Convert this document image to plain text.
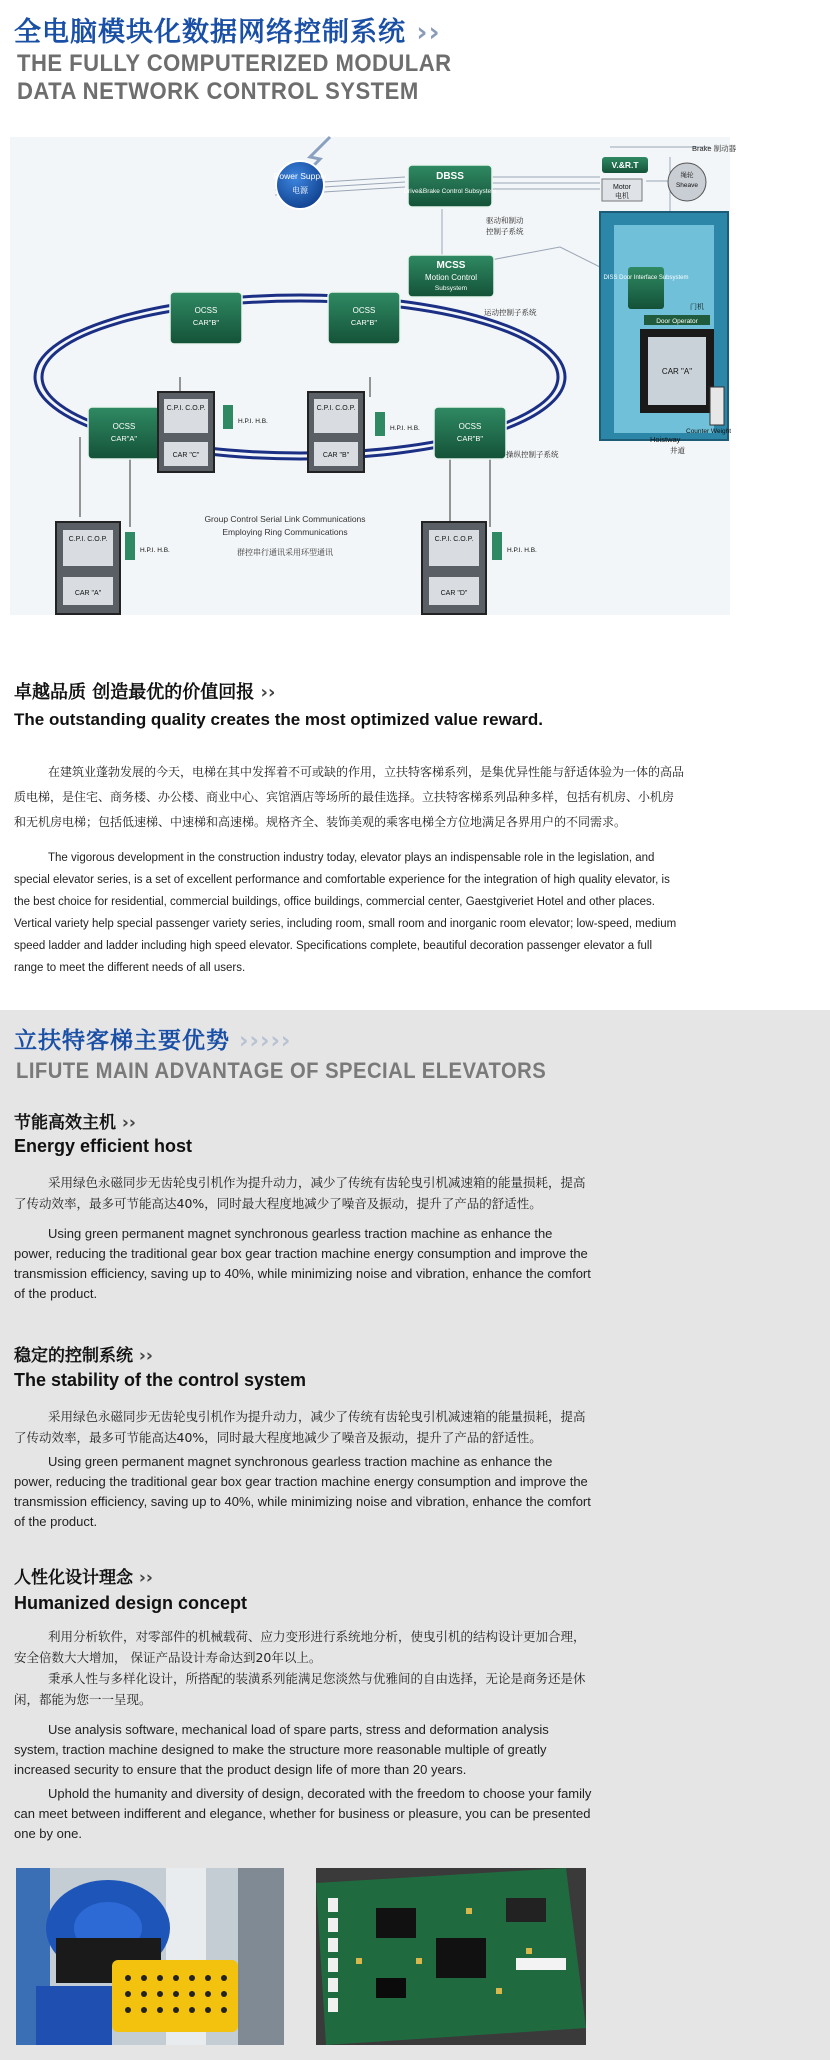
全电脑模块化数据网络控制系统 ››
THE FULLY COMPUTERIZED MODULAR
DATA NETWORK CONTROL SYSTEM
Power Supply
电源
DBSS
Drive&Brake Control Subsystem
驱动和制动
控制子系统
V.&R.T
Brake 制动器
Motor
电机
绳轮
Sheave
MCSS
Motion Control
Subsystem
运动控制子系统
DISS Door Interface Subsystem
门机
Door Operator
CAR "A"
Counter Weight
Hoistway
井道
OCSS
CAR"B"
OCSS
CAR"B"
OCSS
CAR"A"
OCSS
CAR"B"
操纵控制子系统
C.P.I. C.O.P.
CAR "C"
H.P.I. H.B.
C.P.I. C.O.P.
CAR "B"
H.P.I. H.B.
C.P.I. C.O.P.
CAR "A"
H.P.I. H.B.
C.P.I. C.O.P.
CAR "D"
H.P.I. H.B.
Group Control Serial Link Communications
Employing Ring Communications
群控串行通讯采用环型通讯
卓越品质 创造最优的价值回报 ››
The outstanding quality creates the most optimized value reward.

在建筑业蓬勃发展的今天，电梯在其中发挥着不可或缺的作用，立扶特客梯系列，是集优异性能与舒适体验为一体的高品质电梯，是住宅、商务楼、办公楼、商业中心、宾馆酒店等场所的最佳选择。立扶特客梯系列品种多样，包括有机房、小机房和无机房电梯；包括低速梯、中速梯和高速梯。规格齐全、装饰美观的乘客电梯全方位地满足各界用户的不同需求。

The vigorous development in the construction industry today, elevator plays an indispensable role in the legislation, and special elevator series, is a set of excellent performance and comfortable experience for the integration of high quality elevator, is the best choice for residential, commercial buildings, office buildings, commercial center, Gaestgiveriet Hotel and other places. Vertical variety help special passenger variety series, including room, small room and inorganic room elevator; low-speed, medium speed ladder and ladder including high speed elevator. Specifications complete, beautiful decoration passenger elevator a full range to meet the different needs of all users.

立扶特客梯主要优势 ›››››
LIFUTE MAIN ADVANTAGE OF SPECIAL ELEVATORS
节能高效主机 ››
Energy efficient host

采用绿色永磁同步无齿轮曳引机作为提升动力，减少了传统有齿轮曳引机减速箱的能量损耗，提高了传动效率，最多可节能高达40%，同时最大程度地减少了噪音及振动，提升了产品的舒适性。

Using green permanent magnet synchronous gearless traction machine as enhance the power, reducing the traditional gear box gear traction machine energy consumption and improve the transmission efficiency, saving up to 40%, while minimizing noise and vibration, enhance the comfort of the product.

稳定的控制系统 ››
The stability of the control system

采用绿色永磁同步无齿轮曳引机作为提升动力，减少了传统有齿轮曳引机减速箱的能量损耗，提高了传动效率，最多可节能高达40%，同时最大程度地减少了噪音及振动，提升了产品的舒适性。

Using green permanent magnet synchronous gearless traction machine as enhance the power, reducing the traditional gear box gear traction machine energy consumption and improve the transmission efficiency, saving up to 40%, while minimizing noise and vibration, enhance the comfort of the product.

人性化设计理念 ››
Humanized design concept

利用分析软件，对零部件的机械载荷、应力变形进行系统地分析，使曳引机的结构设计更加合理，安全倍数大大增加， 保证产品设计寿命达到20年以上。

秉承人性与多样化设计，所搭配的装潢系列能满足您淡然与优雅间的自由选择，无论是商务还是休闲，都能为您一一呈现。

Use analysis software, mechanical load of spare parts, stress and deformation analysis system, traction machine designed to make the structure more reasonable multiple of greatly increased security to ensure that the product design life of more than 20 years.

Uphold the humanity and diversity of design, decorated with the freedom to choose your family can meet between indifferent and elegance, whether for business or pleasure, you can be presented one by one.
